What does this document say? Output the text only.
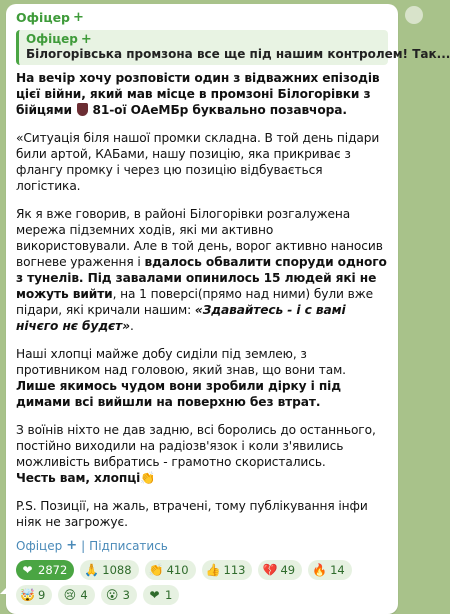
Офіцер +
Офіцер +
Білогорівська промзона все ще під нашим контролем! Так...

На вечір хочу розповісти один з відважних епізодів цієї війни, який мав місце в промзоні Білогорівки з бійцями 81-ої ОАеМБр буквально позавчора.

«Ситуація біля нашої промки складна. В той день підари били артой, КАБами, нашу позицію, яка прикриває з флангу промку і через цю позицію відбувається логістика.

Як я вже говорив, в районі Білогорівки розгалужена мережа підземних ходів, які ми активно використовували. Але в той день, ворог активно наносив вогневе ураження і вдалось обвалити споруди одного з тунелів. Під завалами опинилось 15 людей які не можуть вийти, на 1 поверсі(прямо над ними) були вже підари, які кричали нашим: «Здавайтесь - і с вамі нічєго нє будєт».

Наші хлопці майже добу сиділи під землею, з противником над головою, який знав, що вони там.
Лише якимось чудом вони зробили дірку і під димами всі вийшли на поверхню без втрат.

З воїнів ніхто не дав задню, всі боролись до останнього, постійно виходили на радіозв'язок і коли з'явились можливість вибратись - грамотно скористались.
Честь вам, хлопці👏

P.S. Позиції, на жаль, втрачені, тому публікування інфи ніяк не загрожує.

Офіцер + | Підписатись
❤ 2872 🙏 1088 👏 410 👍 113 💔 49 🔥 14
🤯 9 😢 4 😮 3 ❤ 1
